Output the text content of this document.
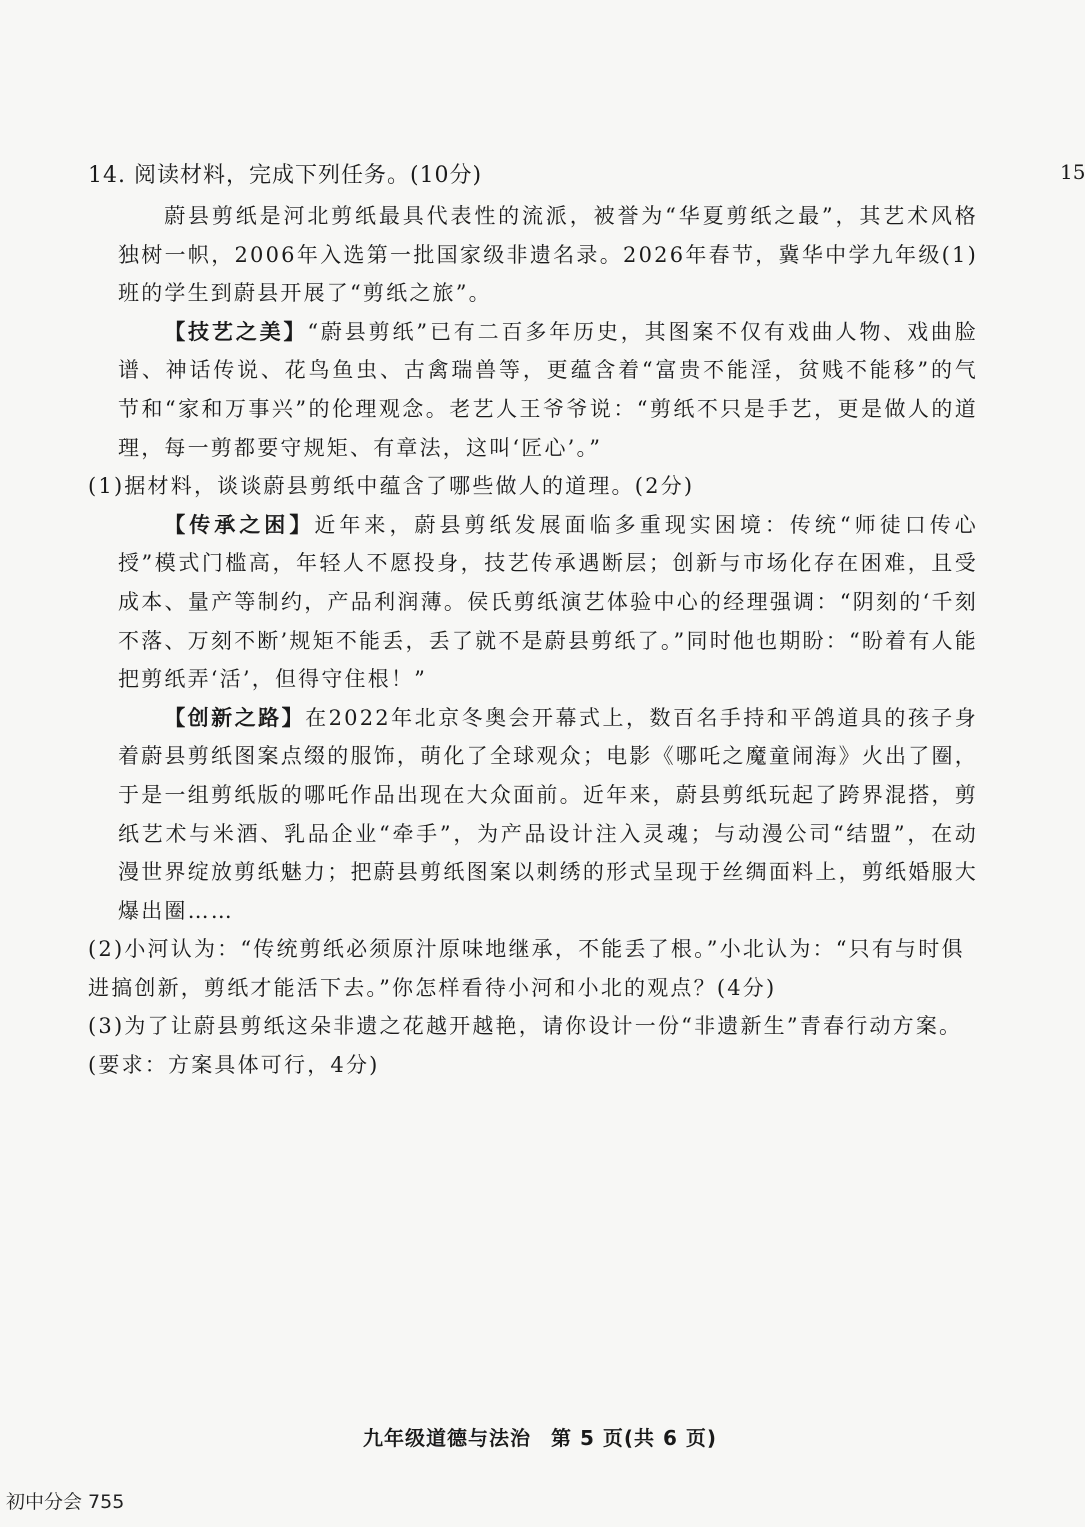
14. 阅读材料，完成下列任务。(10分)	15

蔚县剪纸是河北剪纸最具代表性的流派，被誉为“华夏剪纸之最”，其艺术风格独树一帜，2006年入选第一批国家级非遗名录。2026年春节，冀华中学九年级(1)班的学生到蔚县开展了“剪纸之旅”。

【技艺之美】“蔚县剪纸”已有二百多年历史，其图案不仅有戏曲人物、戏曲脸谱、神话传说、花鸟鱼虫、古禽瑞兽等，更蕴含着“富贵不能淫，贫贱不能移”的气节和“家和万事兴”的伦理观念。老艺人王爷爷说：“剪纸不只是手艺，更是做人的道理，每一剪都要守规矩、有章法，这叫‘匠心’。”

(1)据材料，谈谈蔚县剪纸中蕴含了哪些做人的道理。(2分)

【传承之困】近年来，蔚县剪纸发展面临多重现实困境：传统“师徒口传心授”模式门槛高，年轻人不愿投身，技艺传承遇断层；创新与市场化存在困难，且受成本、量产等制约，产品利润薄。侯氏剪纸演艺体验中心的经理强调：“阴刻的‘千刻不落、万刻不断’规矩不能丢，丢了就不是蔚县剪纸了。”同时他也期盼：“盼着有人能把剪纸弄‘活’，但得守住根！”

【创新之路】在2022年北京冬奥会开幕式上，数百名手持和平鸽道具的孩子身着蔚县剪纸图案点缀的服饰，萌化了全球观众；电影《哪吒之魔童闹海》火出了圈，于是一组剪纸版的哪吒作品出现在大众面前。近年来，蔚县剪纸玩起了跨界混搭，剪纸艺术与米酒、乳品企业“牵手”，为产品设计注入灵魂；与动漫公司“结盟”，在动漫世界绽放剪纸魅力；把蔚县剪纸图案以刺绣的形式呈现于丝绸面料上，剪纸婚服大爆出圈……

(2)小河认为：“传统剪纸必须原汁原味地继承，不能丢了根。”小北认为：“只有与时俱进搞创新，剪纸才能活下去。”你怎样看待小河和小北的观点？(4分)

(3)为了让蔚县剪纸这朵非遗之花越开越艳，请你设计一份“非遗新生”青春行动方案。(要求：方案具体可行，4分)

九年级道德与法治 第 5 页(共 6 页)
初中分会 755
